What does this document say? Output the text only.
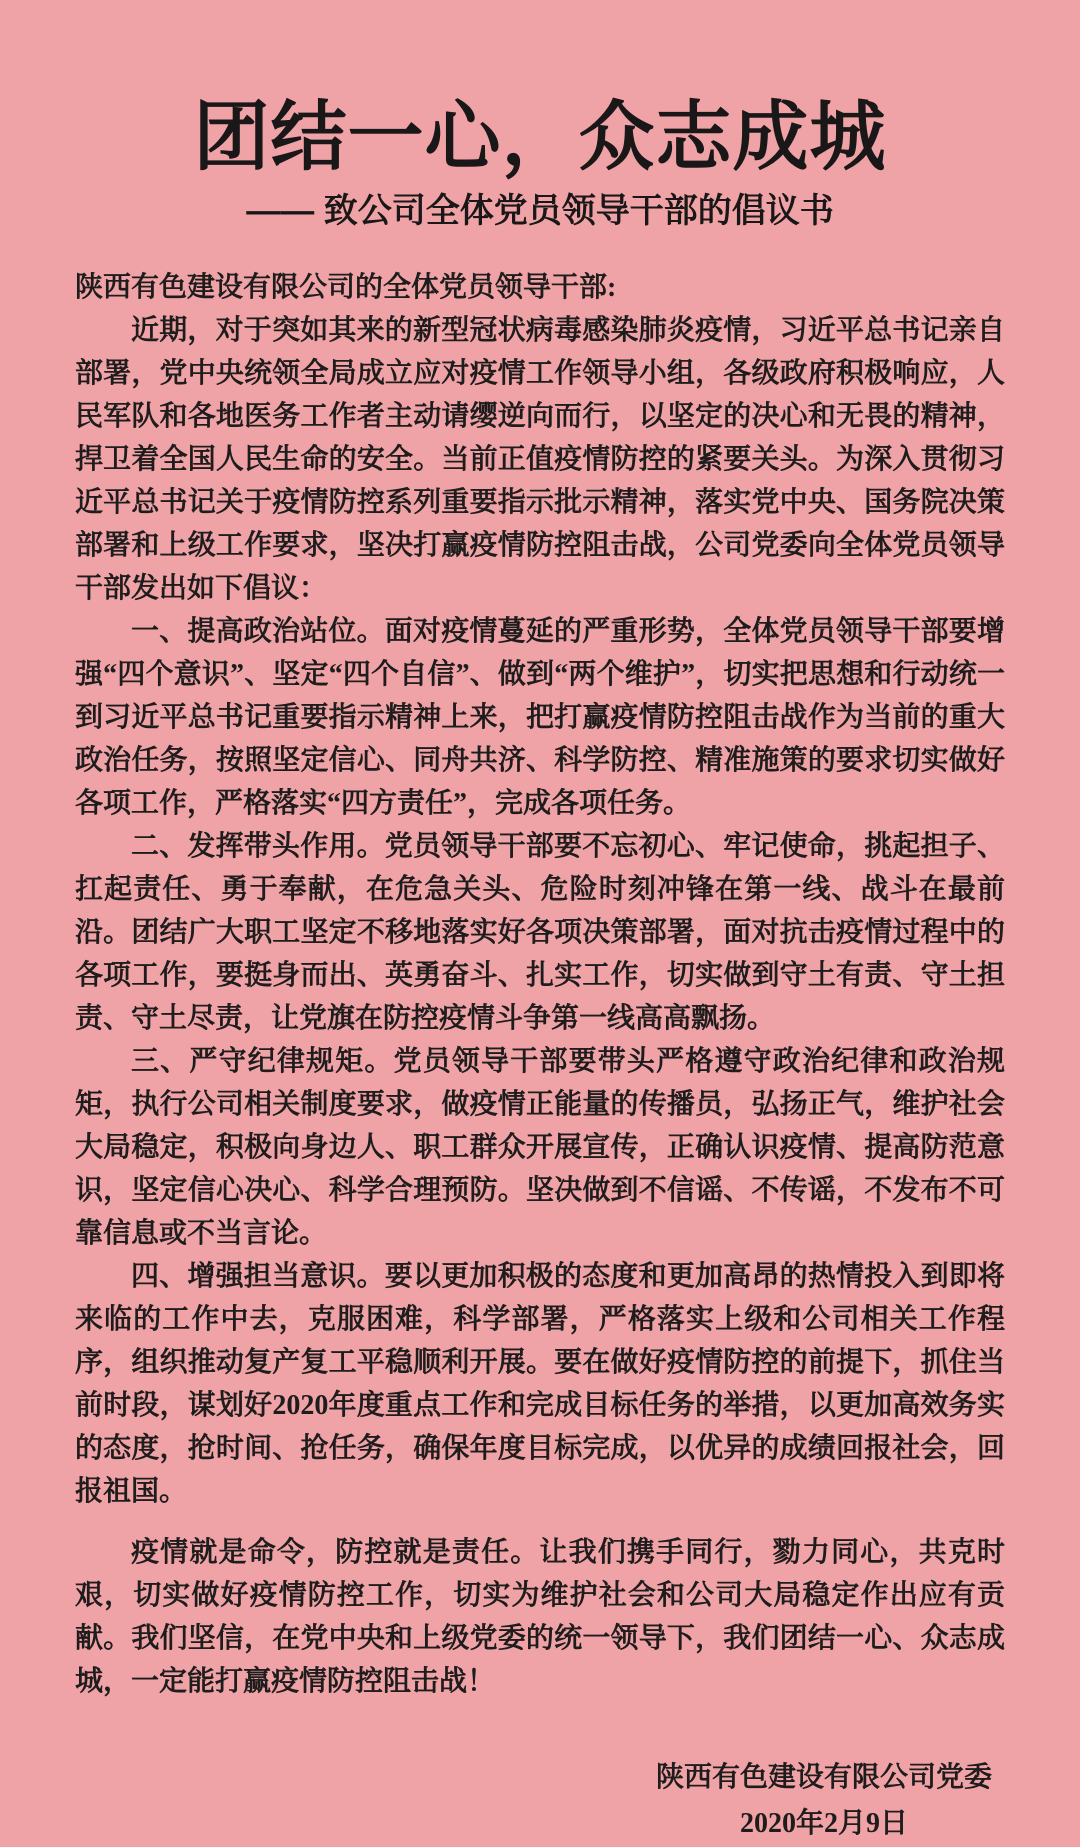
团结一心，众志成城
—— 致公司全体党员领导干部的倡议书

陕西有色建设有限公司的全体党员领导干部:

近期，对于突如其来的新型冠状病毒感染肺炎疫情，习近平总书记亲自部署，党中央统领全局成立应对疫情工作领导小组，各级政府积极响应，人民军队和各地医务工作者主动请缨逆向而行，以坚定的决心和无畏的精神，捍卫着全国人民生命的安全。当前正值疫情防控的紧要关头。为深入贯彻习近平总书记关于疫情防控系列重要指示批示精神，落实党中央、国务院决策部署和上级工作要求，坚决打赢疫情防控阻击战，公司党委向全体党员领导干部发出如下倡议：

一、提高政治站位。面对疫情蔓延的严重形势，全体党员领导干部要增强“四个意识”、坚定“四个自信”、做到“两个维护”，切实把思想和行动统一到习近平总书记重要指示精神上来，把打赢疫情防控阻击战作为当前的重大政治任务，按照坚定信心、同舟共济、科学防控、精准施策的要求切实做好各项工作，严格落实“四方责任”，完成各项任务。

二、发挥带头作用。党员领导干部要不忘初心、牢记使命，挑起担子、扛起责任、勇于奉献，在危急关头、危险时刻冲锋在第一线、战斗在最前沿。团结广大职工坚定不移地落实好各项决策部署，面对抗击疫情过程中的各项工作，要挺身而出、英勇奋斗、扎实工作，切实做到守土有责、守土担责、守土尽责，让党旗在防控疫情斗争第一线高高飘扬。

三、严守纪律规矩。党员领导干部要带头严格遵守政治纪律和政治规矩，执行公司相关制度要求，做疫情正能量的传播员，弘扬正气，维护社会大局稳定，积极向身边人、职工群众开展宣传，正确认识疫情、提高防范意识，坚定信心决心、科学合理预防。坚决做到不信谣、不传谣，不发布不可靠信息或不当言论。

四、增强担当意识。要以更加积极的态度和更加高昂的热情投入到即将来临的工作中去，克服困难，科学部署，严格落实上级和公司相关工作程序，组织推动复产复工平稳顺利开展。要在做好疫情防控的前提下，抓住当前时段，谋划好2020年度重点工作和完成目标任务的举措，以更加高效务实的态度，抢时间、抢任务，确保年度目标完成，以优异的成绩回报社会，回报祖国。

疫情就是命令，防控就是责任。让我们携手同行，勠力同心，共克时艰，切实做好疫情防控工作，切实为维护社会和公司大局稳定作出应有贡献。我们坚信，在党中央和上级党委的统一领导下，我们团结一心、众志成城，一定能打赢疫情防控阻击战！

陕西有色建设有限公司党委

2020年2月9日
